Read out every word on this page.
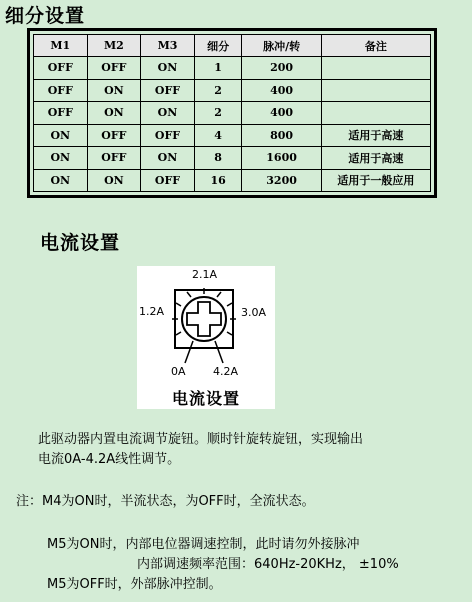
细分设置
M1	M2	M3	细分	脉冲/转	备注
OFF	OFF	ON	1	200	
OFF	ON	OFF	2	400	
OFF	ON	ON	2	400	
ON	OFF	OFF	4	800	适用于高速
ON	OFF	ON	8	1600	适用于高速
ON	ON	OFF	16	3200	适用于一般应用
电流设置
2.1A
1.2A	3.0A
0A 4.2A
电流设置
此驱动器内置电流调节旋钮。顺时针旋转旋钮，实现输出
电流0A-4.2A线性调节。
注：M4为ON时，半流状态，为OFF时，全流状态。
M5为ON时，内部电位器调速控制，此时请勿外接脉冲
内部调速频率范围：640Hz-20KHz， ±10%
M5为OFF时，外部脉冲控制。
